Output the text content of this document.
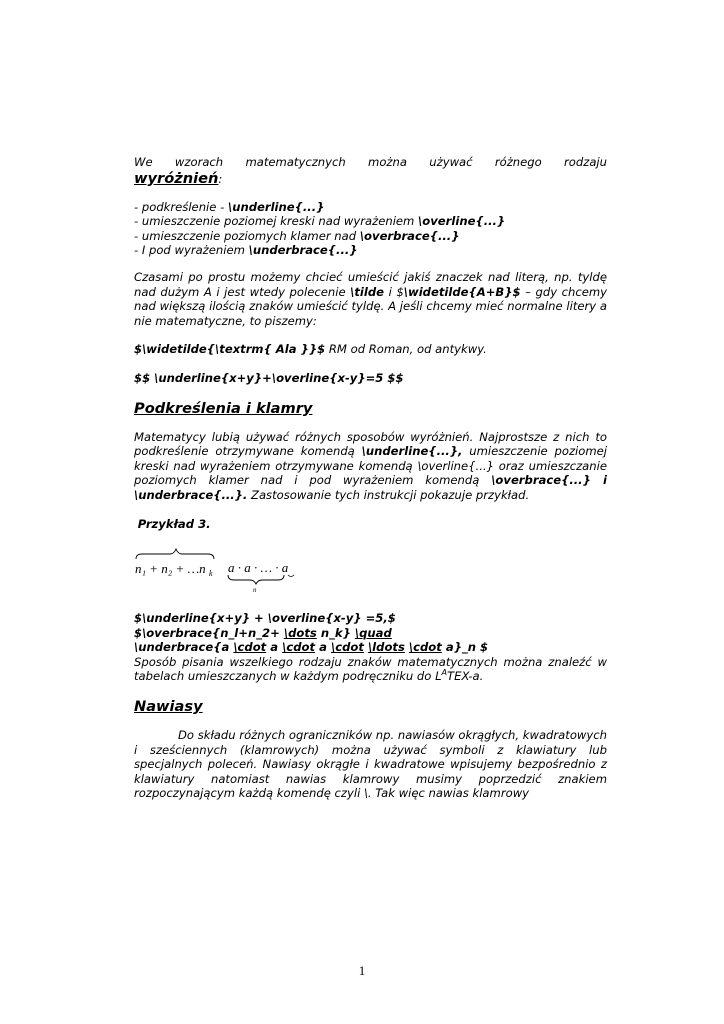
We wzorach matematycznych można używać różnego rodzaju

wyróżnień:

- podkreślenie - \underline{...}

- umieszczenie poziomej kreski nad wyrażeniem \overline{...}

- umieszczenie poziomych klamer nad \overbrace{...}

- I pod wyrażeniem \underbrace{...}

Czasami po prostu możemy chcieć umieścić jakiś znaczek nad literą, np. tyldę nad dużym A i jest wtedy polecenie \tilde i $\widetilde{A+B}$ – gdy chcemy nad większą ilością znaków umieścić tyldę. A jeśli chcemy mieć normalne litery a nie matematyczne, to piszemy:

$\widetilde{\textrm{ Ala }}$ RM od Roman, od antykwy.

$$ \underline{x+y}+\overline{x-y}=5 $$

Podkreślenia i klamry

Matematycy lubią używać różnych sposobów wyróżnień. Najprostsze z nich to podkreślenie otrzymywane komendą \underline{...}, umieszczenie poziomej kreski nad wyrażeniem otrzymywane komendą \overline{...} oraz umieszczanie poziomych klamer nad i pod wyrażeniem komendą \overbrace{...} i \underbrace{...}. Zastosowanie tych instrukcji pokazuje przykład.

Przykład 3.

n₁ + n₂ + …n k a · a · … · a
n

$\underline{x+y} + \overline{x-y} =5,$

$\overbrace{n_l+n_2+ \dots n_k} \quad

\underbrace{a \cdot a \cdot a \cdot \ldots \cdot a}_n $

Sposób pisania wszelkiego rodzaju znaków matematycznych można znaleźć w tabelach umieszczanych w każdym podręczniku do $L^ATEX-a$.

Nawiasy

Do składu różnych ograniczników np. nawiasów okrągłych, kwadratowych i sześciennych (klamrowych) można używać symboli z klawiatury lub specjalnych poleceń. Nawiasy okrągłe i kwadratowe wpisujemy bezpośrednio z klawiatury natomiast nawias klamrowy musimy poprzedzić znakiem rozpoczynającym każdą komendę czyli \. Tak więc nawias klamrowy

1
